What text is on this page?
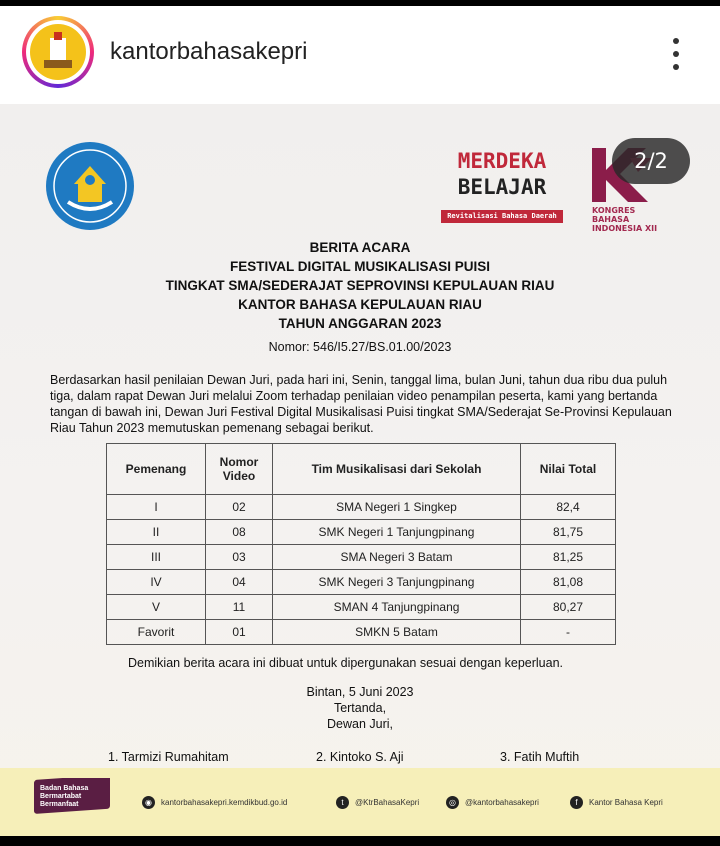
kantorbahasakepri
MERDEKA
BELAJAR
Revitalisasi Bahasa Daerah
KONGRES
BAHASA
INDONESIA XII
2/2
BERITA ACARA
FESTIVAL DIGITAL MUSIKALISASI PUISI
TINGKAT SMA/SEDERAJAT SEPROVINSI KEPULAUAN RIAU
KANTOR BAHASA KEPULAUAN RIAU
TAHUN ANGGARAN 2023
Nomor: 546/I5.27/BS.01.00/2023
Berdasarkan hasil penilaian Dewan Juri, pada hari ini, Senin, tanggal lima, bulan Juni, tahun dua ribu dua puluh tiga, dalam rapat Dewan Juri melalui Zoom terhadap penilaian video penampilan peserta, kami yang bertanda tangan di bawah ini, Dewan Juri Festival Digital Musikalisasi Puisi tingkat SMA/Sederajat Se-Provinsi Kepulauan Riau Tahun 2023 memutuskan pemenang sebagai berikut.
Pemenang	Nomor Video	Tim Musikalisasi dari Sekolah	Nilai Total
I	02	SMA Negeri 1 Singkep	82,4
II	08	SMK Negeri 1 Tanjungpinang	81,75
III	03	SMA Negeri 3 Batam	81,25
IV	04	SMK Negeri 3 Tanjungpinang	81,08
V	11	SMAN 4 Tanjungpinang	80,27
Favorit	01	SMKN 5 Batam	-
Demikian berita acara ini dibuat untuk dipergunakan sesuai dengan keperluan.
Bintan, 5 Juni 2023
Tertanda,
Dewan Juri,
1. Tarmizi Rumahitam	2. Kintoko S. Aji	3. Fatih Muftih
Badan Bahasa
Bermartabat
Bermanfaat	◉	kantorbahasakepri.kemdikbud.go.id	t	@KtrBahasaKepri	◎	@kantorbahasakepri	f	Kantor Bahasa Kepri
